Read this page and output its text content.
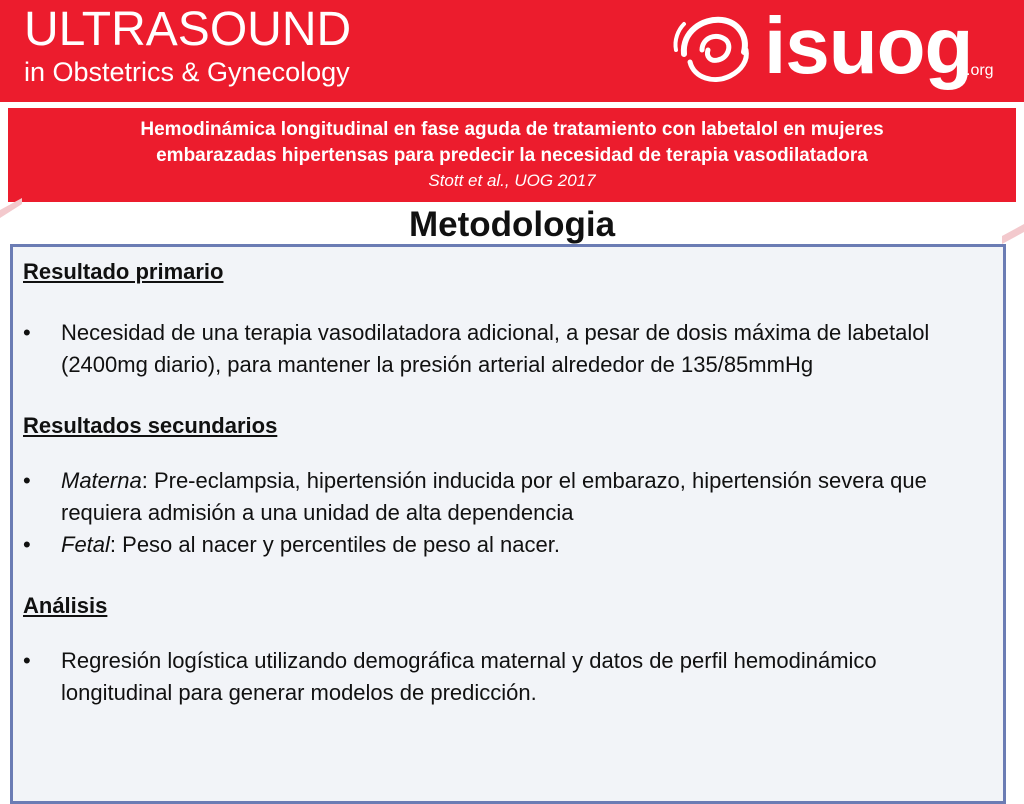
ULTRASOUND
in Obstetrics & Gynecology	isuog
.org
Hemodinámica longitudinal en fase aguda de tratamiento con labetalol en mujeres
embarazadas hipertensas para predecir la necesidad de terapia vasodilatadora
Stott et al., UOG 2017
Metodologia

Resultado primario

• Necesidad de una terapia vasodilatadora adicional, a pesar de dosis máxima de labetalol (2400mg diario), para mantener la presión arterial alrededor de 135/85mmHg

Resultados secundarios

• Materna: Pre-eclampsia, hipertensión inducida por el embarazo, hipertensión severa que requiera admisión a una unidad de alta dependencia

• Fetal: Peso al nacer y percentiles de peso al nacer.

Análisis

• Regresión logística utilizando demográfica maternal y datos de perfil hemodinámico longitudinal para generar modelos de predicción.
